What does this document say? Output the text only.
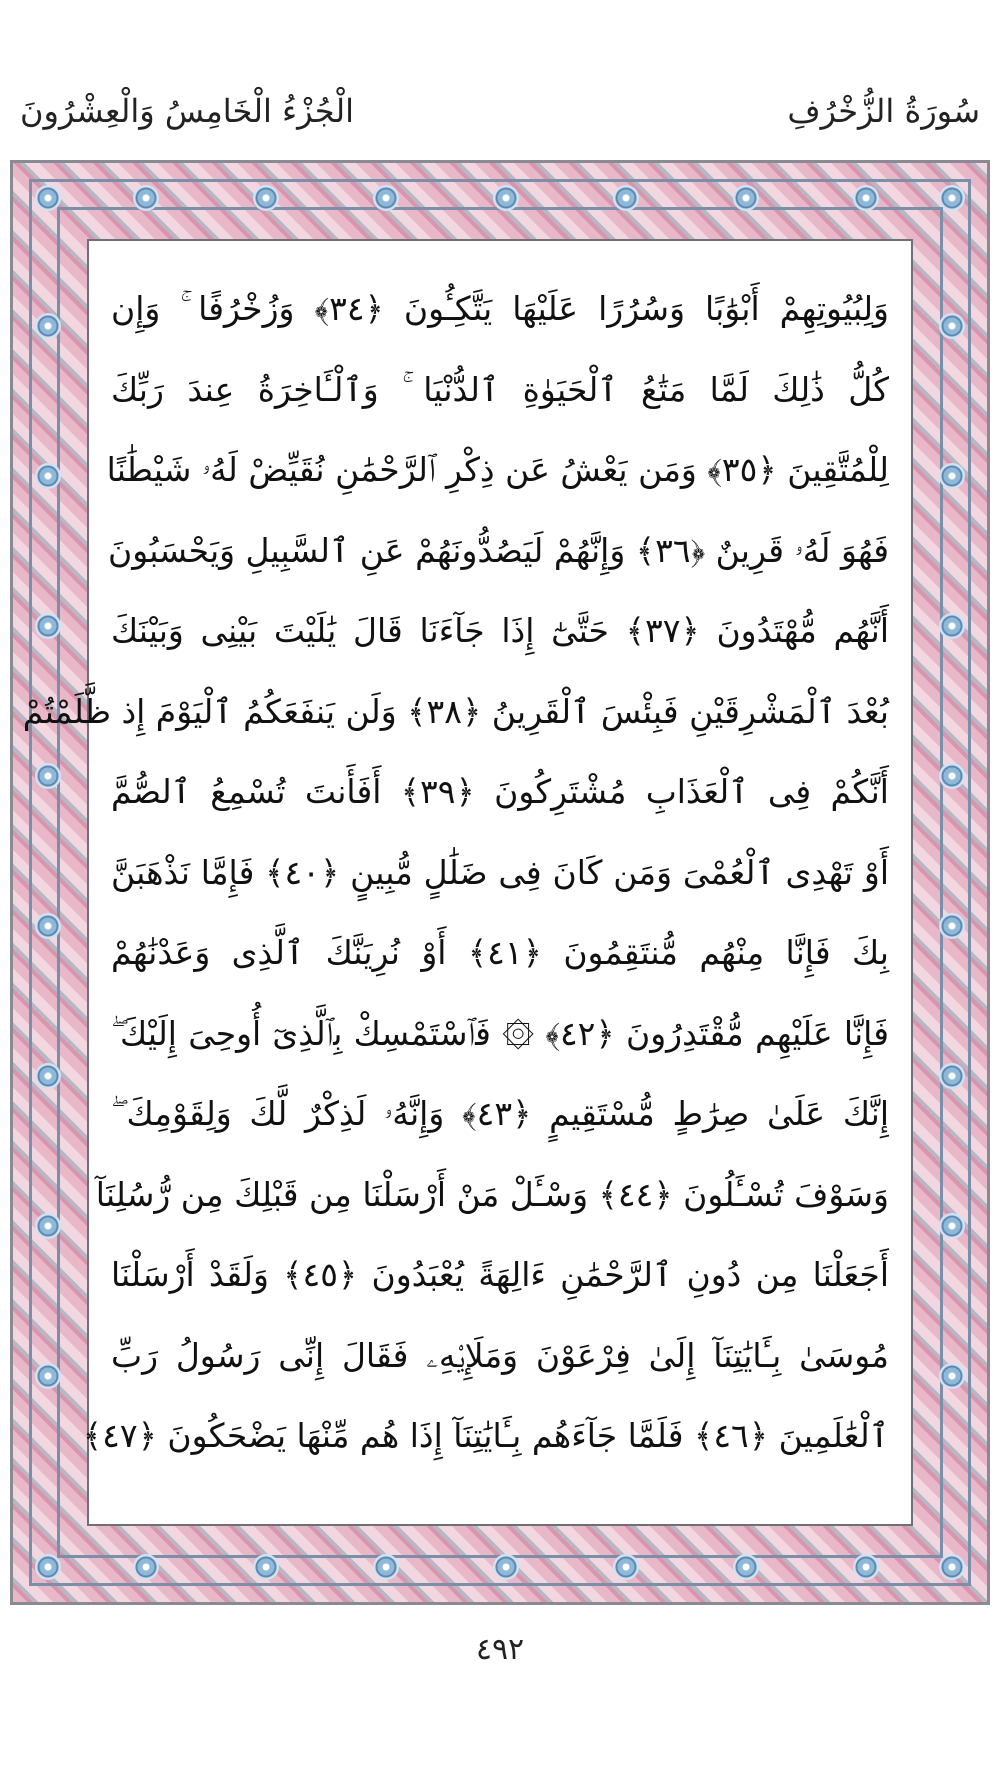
سُورَةُ الزُّخْرُفِ
الْجُزْءُ الْخَامِسُ وَالْعِشْرُونَ
وَلِبُيُوتِهِمْ أَبْوَٰبًا وَسُرُرًا عَلَيْهَا يَتَّكِـُٔونَ ﴿٣٤﴾ وَزُخْرُفًا ۚ وَإِن
كُلُّ ذَٰلِكَ لَمَّا مَتَٰعُ ٱلْحَيَوٰةِ ٱلدُّنْيَا ۚ وَٱلْـَٔاخِرَةُ عِندَ رَبِّكَ
لِلْمُتَّقِينَ ﴿٣٥﴾ وَمَن يَعْشُ عَن ذِكْرِ ٱلرَّحْمَٰنِ نُقَيِّضْ لَهُۥ شَيْطَٰنًا
فَهُوَ لَهُۥ قَرِينٌ ﴿٣٦﴾ وَإِنَّهُمْ لَيَصُدُّونَهُمْ عَنِ ٱلسَّبِيلِ وَيَحْسَبُونَ
أَنَّهُم مُّهْتَدُونَ ﴿٣٧﴾ حَتَّىٰٓ إِذَا جَآءَنَا قَالَ يَٰلَيْتَ بَيْنِى وَبَيْنَكَ
بُعْدَ ٱلْمَشْرِقَيْنِ فَبِئْسَ ٱلْقَرِينُ ﴿٣٨﴾ وَلَن يَنفَعَكُمُ ٱلْيَوْمَ إِذ ظَّلَمْتُمْ
أَنَّكُمْ فِى ٱلْعَذَابِ مُشْتَرِكُونَ ﴿٣٩﴾ أَفَأَنتَ تُسْمِعُ ٱلصُّمَّ
أَوْ تَهْدِى ٱلْعُمْىَ وَمَن كَانَ فِى ضَلَٰلٍ مُّبِينٍ ﴿٤٠﴾ فَإِمَّا نَذْهَبَنَّ
بِكَ فَإِنَّا مِنْهُم مُّنتَقِمُونَ ﴿٤١﴾ أَوْ نُرِيَنَّكَ ٱلَّذِى وَعَدْنَٰهُمْ
فَإِنَّا عَلَيْهِم مُّقْتَدِرُونَ ﴿٤٢﴾ ۞ فَٱسْتَمْسِكْ بِٱلَّذِىٓ أُوحِىَ إِلَيْكَ ۖ
إِنَّكَ عَلَىٰ صِرَٰطٍ مُّسْتَقِيمٍ ﴿٤٣﴾ وَإِنَّهُۥ لَذِكْرٌ لَّكَ وَلِقَوْمِكَ ۖ
وَسَوْفَ تُسْـَٔلُونَ ﴿٤٤﴾ وَسْـَٔلْ مَنْ أَرْسَلْنَا مِن قَبْلِكَ مِن رُّسُلِنَآ
أَجَعَلْنَا مِن دُونِ ٱلرَّحْمَٰنِ ءَالِهَةً يُعْبَدُونَ ﴿٤٥﴾ وَلَقَدْ أَرْسَلْنَا
مُوسَىٰ بِـَٔايَٰتِنَآ إِلَىٰ فِرْعَوْنَ وَمَلَإِي۟هِۦ فَقَالَ إِنِّى رَسُولُ رَبِّ
ٱلْعَٰلَمِينَ ﴿٤٦﴾ فَلَمَّا جَآءَهُم بِـَٔايَٰتِنَآ إِذَا هُم مِّنْهَا يَضْحَكُونَ ﴿٤٧﴾
٤٩٢
